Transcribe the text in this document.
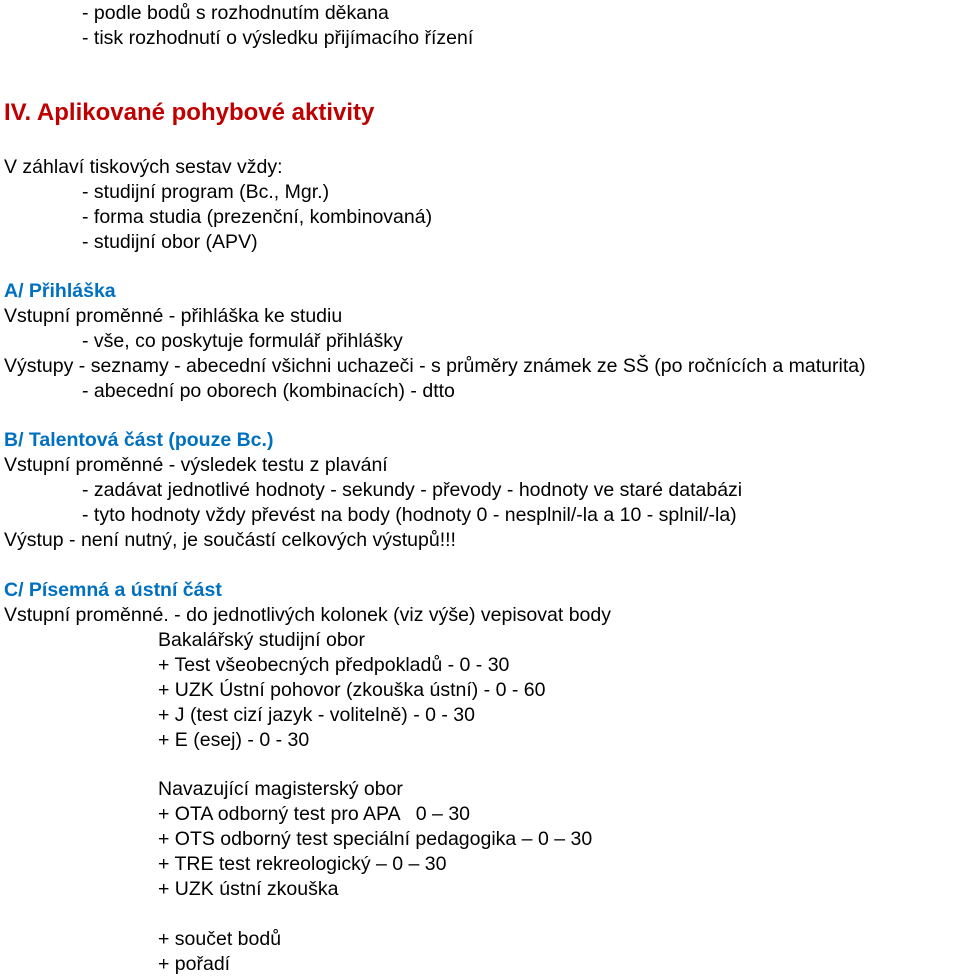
- podle bodů s rozhodnutím děkana
- tisk rozhodnutí o výsledku přijímacího řízení
IV. Aplikované pohybové aktivity
V záhlaví tiskových sestav vždy:
- studijní program (Bc., Mgr.)
- forma studia (prezenční, kombinovaná)
- studijní obor (APV)
A/ Přihláška
Vstupní proměnné - přihláška ke studiu
- vše, co poskytuje formulář přihlášky
Výstupy - seznamy - abecední všichni uchazeči - s průměry známek ze SŠ (po ročnících a maturita)
- abecední po oborech (kombinacích) - dtto
B/ Talentová část (pouze Bc.)
Vstupní proměnné - výsledek testu z plavání
- zadávat jednotlivé hodnoty - sekundy - převody - hodnoty ve staré databázi
- tyto hodnoty vždy převést na body (hodnoty 0 - nesplnil/-la a 10 - splnil/-la)
Výstup - není nutný, je součástí celkových výstupů!!!
C/ Písemná a ústní část
Vstupní proměnné. - do jednotlivých kolonek (viz výše) vepisovat body
Bakalářský studijní obor
+ Test všeobecných předpokladů - 0 - 30
+ UZK Ústní pohovor (zkouška ústní) - 0 - 60
+ J (test cizí jazyk - volitelně) - 0 - 30
+ E (esej) - 0 - 30
Navazující magisterský obor
+ OTA odborný test pro APA   0 – 30
+ OTS odborný test speciální pedagogika – 0 – 30
+ TRE test rekreologický – 0 – 30
+ UZK ústní zkouška
+ součet bodů
+ pořadí
